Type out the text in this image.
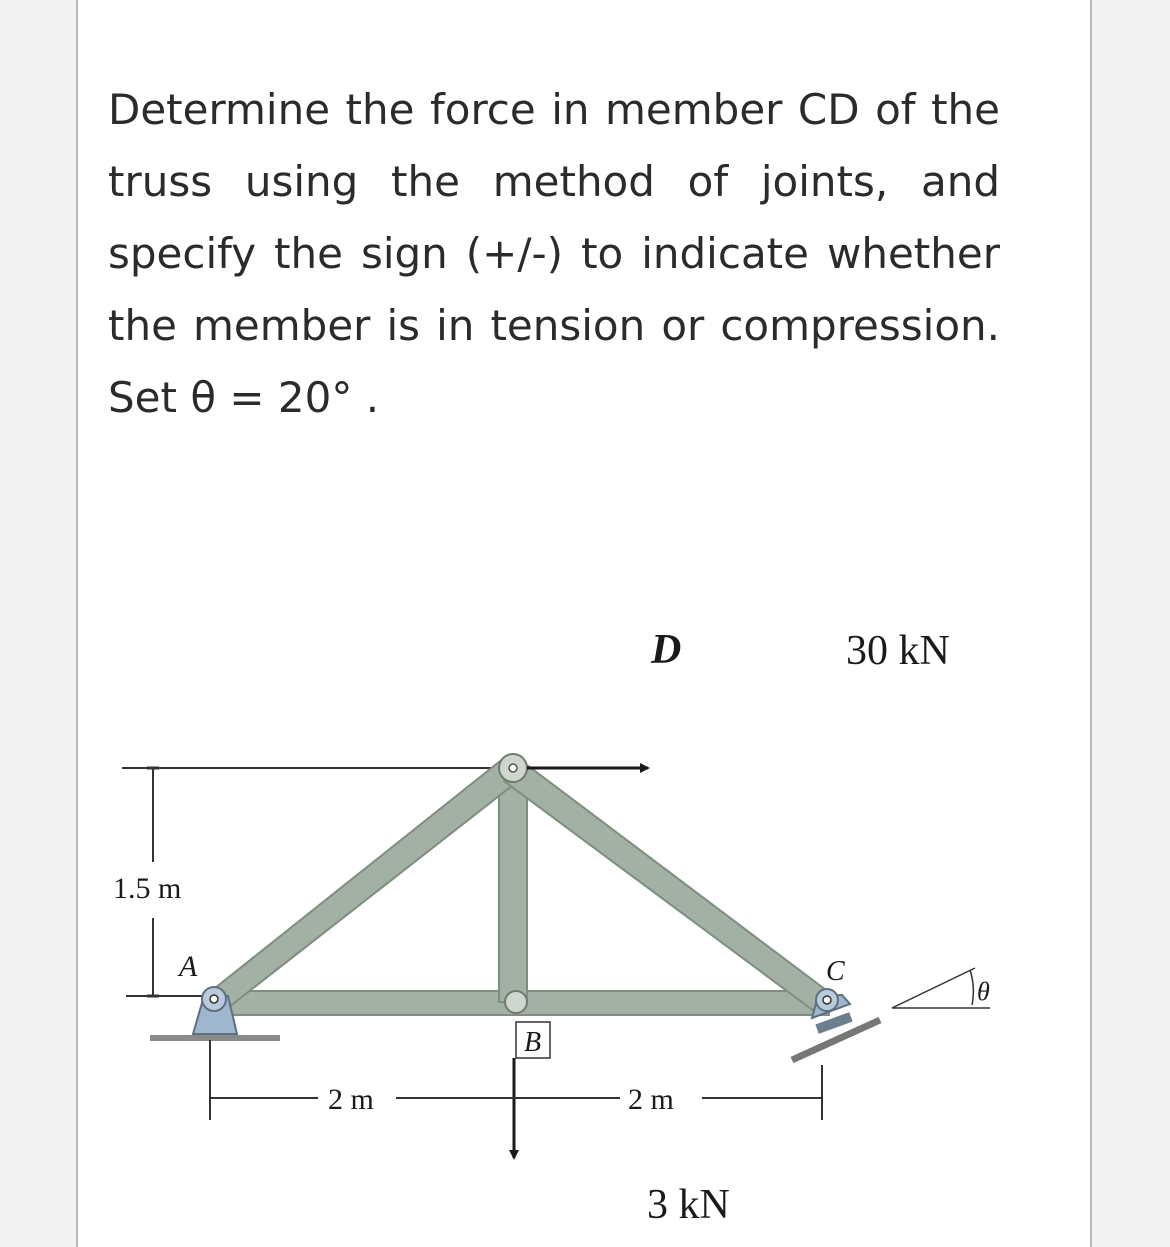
Determine the force in member CD of the truss using the method of joints, and specify the sign (+/-) to indicate whether the member is in tension or compression. Set θ = 20° .

1.5 m
D
A
B
C
θ
30 kN
3 kN
2 m	2 m
